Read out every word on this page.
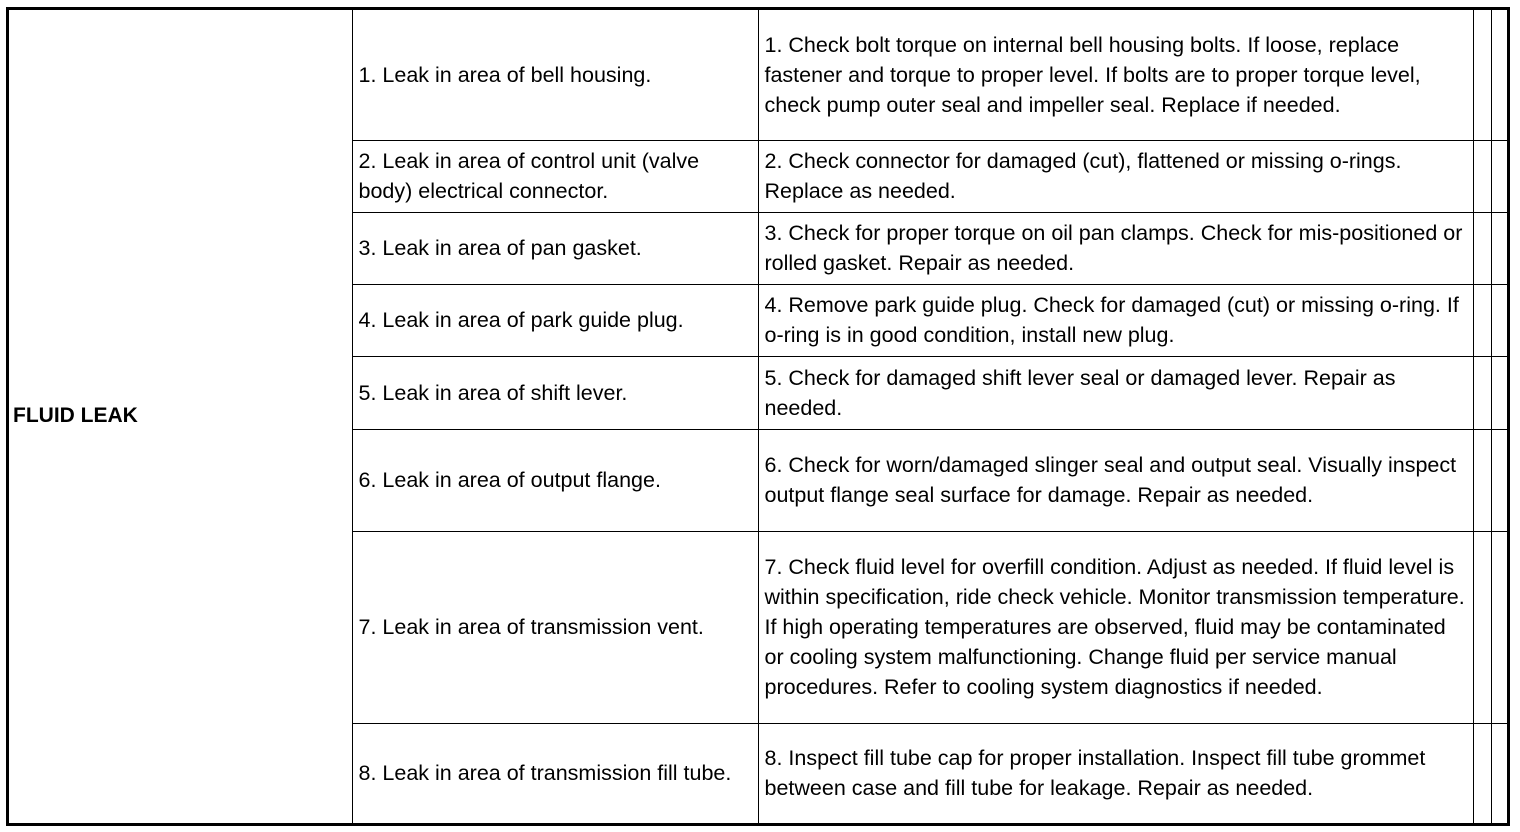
FLUID LEAK	1. Leak in area of bell housing.	1. Check bolt torque on internal bell housing bolts. If loose, replace fastener and torque to proper level. If bolts are to proper torque level, check pump outer seal and impeller seal. Replace if needed.		
	2. Leak in area of control unit (valve body) electrical connector.	2. Check connector for damaged (cut), flattened or missing o-rings. Replace as needed.		
	3. Leak in area of pan gasket.	3. Check for proper torque on oil pan clamps. Check for mis-positioned or rolled gasket. Repair as needed.		
	4. Leak in area of park guide plug.	4. Remove park guide plug. Check for damaged (cut) or missing o-ring. If o-ring is in good condition, install new plug.		
	5. Leak in area of shift lever.	5. Check for damaged shift lever seal or damaged lever. Repair as needed.		
	6. Leak in area of output flange.	6. Check for worn/damaged slinger seal and output seal. Visually inspect output flange seal surface for damage. Repair as needed.		
	7. Leak in area of transmission vent.	7. Check fluid level for overfill condition. Adjust as needed. If fluid level is within specification, ride check vehicle. Monitor transmission temperature. If high operating temperatures are observed, fluid may be contaminated or cooling system malfunctioning. Change fluid per service manual procedures. Refer to cooling system diagnostics if needed.		
	8. Leak in area of transmission fill tube.	8. Inspect fill tube cap for proper installation. Inspect fill tube grommet between case and fill tube for leakage. Repair as needed.		
